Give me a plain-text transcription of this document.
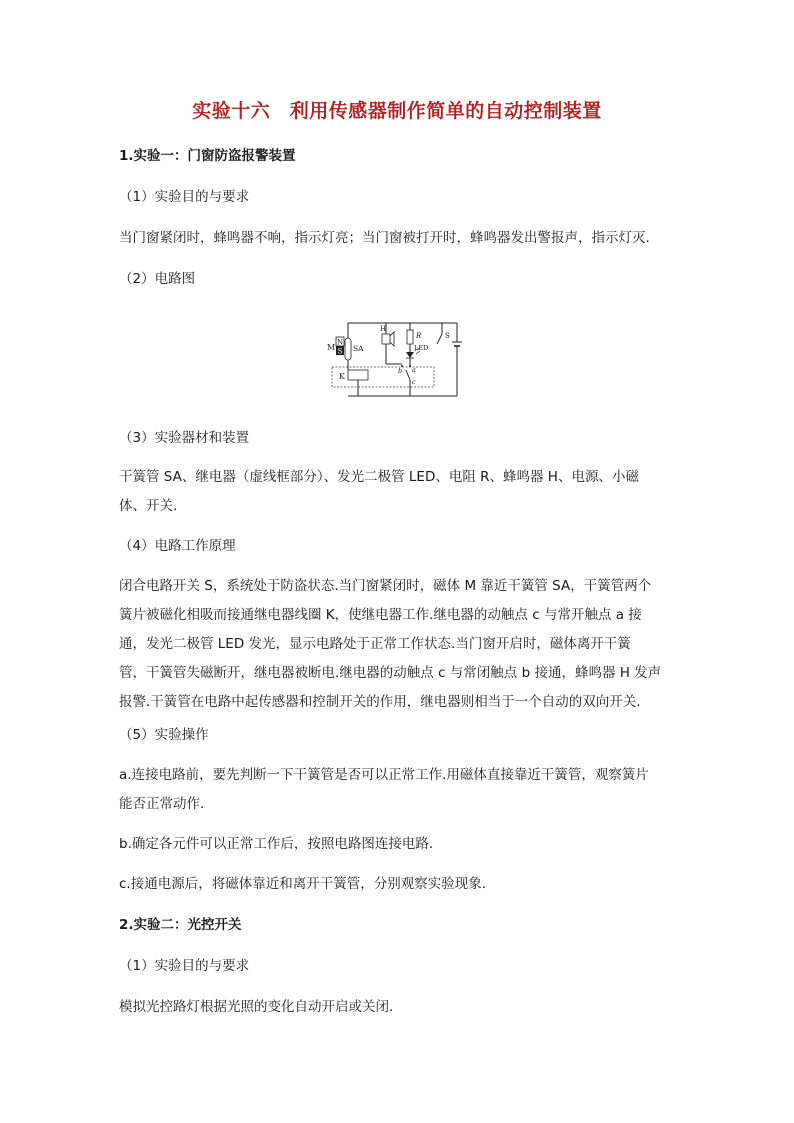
实验十六　利用传感器制作简单的自动控制装置
1.实验一：门窗防盗报警装置
（1）实验目的与要求
当门窗紧闭时，蜂鸣器不响，指示灯亮；当门窗被打开时，蜂鸣器发出警报声，指示灯灭.
（2）电路图
N
S
M SA
K
H
R
LED
b a
c
S
（3）实验器材和装置
干簧管 SA、继电器（虚线框部分）、发光二极管 LED、电阻 R、蜂鸣器 H、电源、小磁
体、开关.
（4）电路工作原理
闭合电路开关 S，系统处于防盗状态.当门窗紧闭时，磁体 M 靠近干簧管 SA，干簧管两个
簧片被磁化相吸而接通继电器线圈 K，使继电器工作.继电器的动触点 c 与常开触点 a 接
通，发光二极管 LED 发光，显示电路处于正常工作状态.当门窗开启时，磁体离开干簧
管，干簧管失磁断开，继电器被断电.继电器的动触点 c 与常闭触点 b 接通，蜂鸣器 H 发声
报警.干簧管在电路中起传感器和控制开关的作用，继电器则相当于一个自动的双向开关.
（5）实验操作
a.连接电路前，要先判断一下干簧管是否可以正常工作.用磁体直接靠近干簧管，观察簧片
能否正常动作.
b.确定各元件可以正常工作后，按照电路图连接电路.
c.接通电源后，将磁体靠近和离开干簧管，分别观察实验现象.
2.实验二：光控开关
（1）实验目的与要求
模拟光控路灯根据光照的变化自动开启或关闭.
